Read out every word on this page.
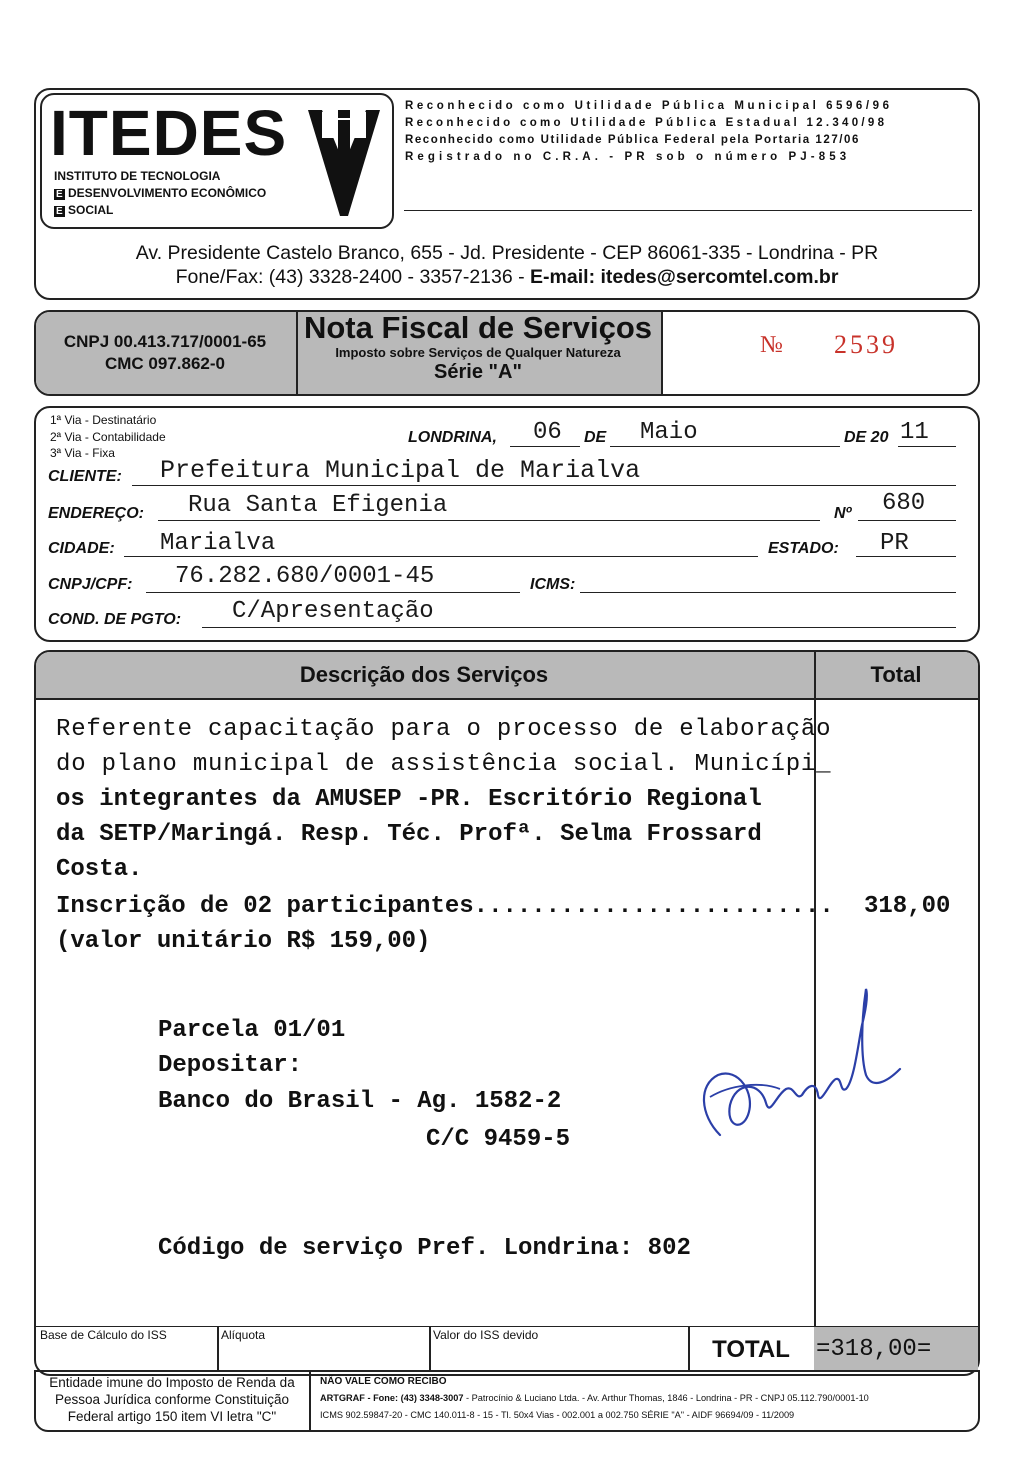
ITEDES
INSTITUTO DE TECNOLOGIA
E DESENVOLVIMENTO ECONÔMICO
E SOCIAL
Reconhecido como Utilidade Pública Municipal 6596/96
Reconhecido como Utilidade Pública Estadual 12.340/98
Reconhecido como Utilidade Pública Federal pela Portaria 127/06
Registrado no C.R.A. - PR sob o número PJ-853
Av. Presidente Castelo Branco, 655 - Jd. Presidente - CEP 86061-335 - Londrina - PR
Fone/Fax: (43) 3328-2400 - 3357-2136 - E-mail: itedes@sercomtel.com.br
CNPJ 00.413.717/0001-65
CMC 097.862-0
Nota Fiscal de Serviços
Imposto sobre Serviços de Qualquer Natureza
Série "A"
№ 2539
1ª Via - Destinatário
2ª Via - Contabilidade
3ª Via - Fixa
LONDRINA, 06 DE Maio	DE 20 11
CLIENTE: Prefeitura Municipal de Marialva
ENDEREÇO: Rua Santa Efigenia	Nº 680
CIDADE: Marialva	ESTADO: PR
CNPJ/CPF: 76.282.680/0001-45	ICMS:
COND. DE PGTO: C/Apresentação
Descrição dos Serviços	Total
Referente capacitação para o processo de elaboração
do plano municipal de assistência social. Municípi_
os integrantes da AMUSEP -PR. Escritório Regional
da SETP/Maringá. Resp. Téc. Profª. Selma Frossard
Costa.
Inscrição de 02 participantes......................... 318,00
(valor unitário R$ 159,00)
Parcela 01/01
Depositar:
Banco do Brasil - Ag. 1582-2
C/C 9459-5
Código de serviço Pref. Londrina: 802
Base de Cálculo do ISS	Alíquota	Valor do ISS devido
TOTAL	=318,00=
Entidade imune do Imposto de Renda da Pessoa Jurídica conforme Constituição Federal artigo 150 item VI letra "C"
NÃO VALE COMO RECIBO
ARTGRAF - Fone: (43) 3348-3007 - Patrocínio & Luciano Ltda. - Av. Arthur Thomas, 1846 - Londrina - PR - CNPJ 05.112.790/0001-10
ICMS 902.59847-20 - CMC 140.011-8 - 15 - Tl. 50x4 Vias - 002.001 a 002.750 SÉRIE "A" - AIDF 96694/09 - 11/2009
